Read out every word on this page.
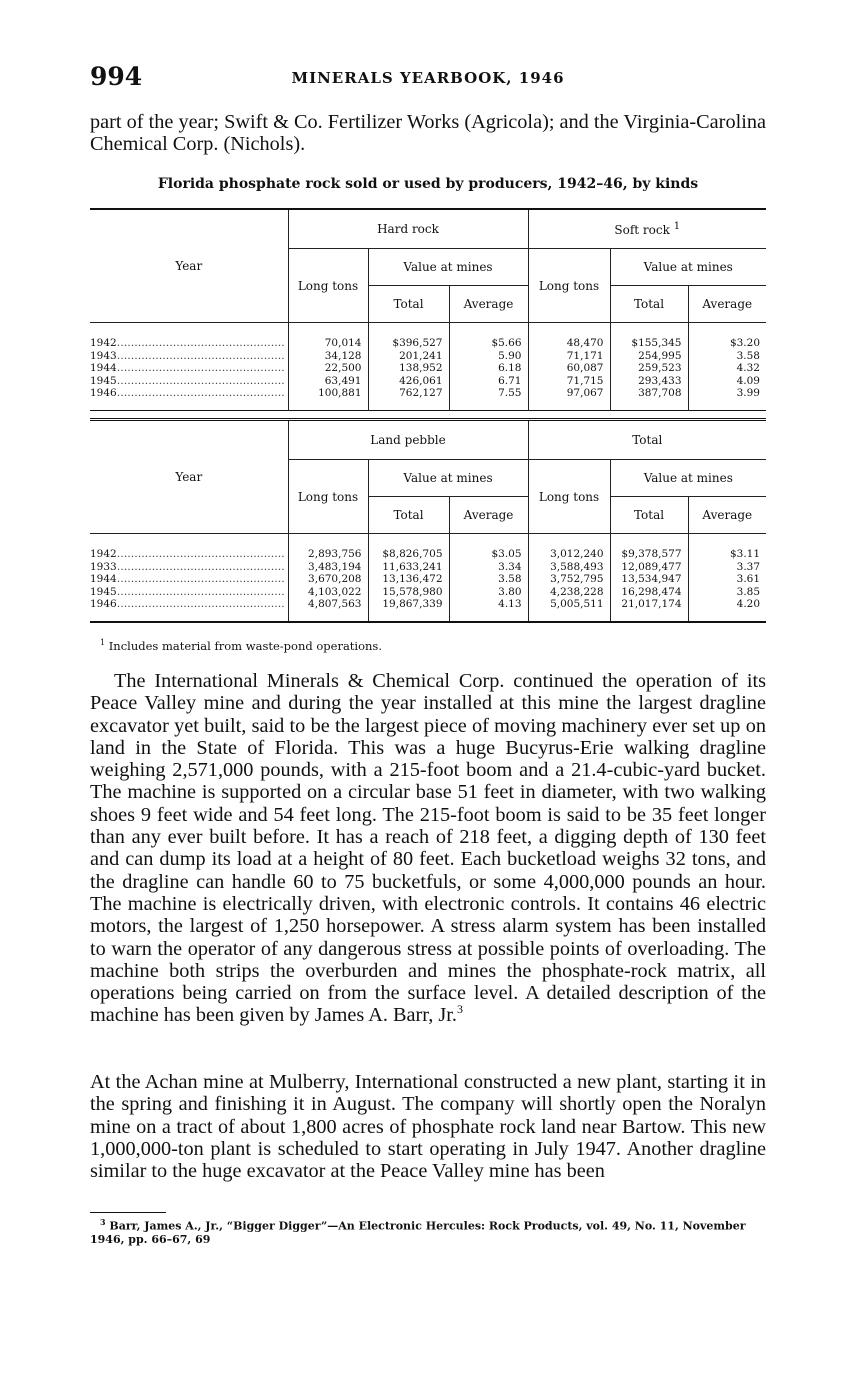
994	MINERALS YEARBOOK, 1946

part of the year; Swift & Co. Fertilizer Works (Agricola); and the Virginia-Carolina Chemical Corp. (Nichols).

Florida phosphate rock sold or used by producers, 1942–46, by kinds
Year	Hard rock			Soft rock $^1$
	Long tons	Value at mines		Long tons	Value at mines	
		Total	Average		Total	Average
1942…………………………………………	70,014	$396,527	$5.66	48,470	$155,345	$3.20
1943…………………………………………	34,128	201,241	5.90	71,171	254,995	3.58
1944…………………………………………	22,500	138,952	6.18	60,087	259,523	4.32
1945…………………………………………	63,491	426,061	6.71	71,715	293,433	4.09
1946…………………………………………	100,881	762,127	7.55	97,067	387,708	3.99
Year	Land pebble			Total		
	Long tons	Value at mines		Long tons	Value at mines	
		Total	Average		Total	Average
1942…………………………………………	2,893,756	$8,826,705	$3.05	3,012,240	$9,378,577	$3.11
1933…………………………………………	3,483,194	11,633,241	3.34	3,588,493	12,089,477	3.37
1944…………………………………………	3,670,208	13,136,472	3.58	3,752,795	13,534,947	3.61
1945…………………………………………	4,103,022	15,578,980	3.80	4,238,228	16,298,474	3.85
1946…………………………………………	4,807,563	19,867,339	4.13	5,005,511	21,017,174	4.20
$^1$ Includes material from waste-pond operations.

The International Minerals & Chemical Corp. continued the operation of its Peace Valley mine and during the year installed at this mine the largest dragline excavator yet built, said to be the largest piece of moving machinery ever set up on land in the State of Florida. This was a huge Bucyrus-Erie walking dragline weighing 2,571,000 pounds, with a 215-foot boom and a 21.4-cubic-yard bucket. The machine is supported on a circular base 51 feet in diameter, with two walking shoes 9 feet wide and 54 feet long. The 215-foot boom is said to be 35 feet longer than any ever built before. It has a reach of 218 feet, a digging depth of 130 feet and can dump its load at a height of 80 feet. Each bucketload weighs 32 tons, and the dragline can handle 60 to 75 bucketfuls, or some 4,000,000 pounds an hour. The machine is electrically driven, with electronic controls. It contains 46 electric motors, the largest of 1,250 horsepower. A stress alarm system has been installed to warn the operator of any dangerous stress at possible points of overloading. The machine both strips the overburden and mines the phosphate-rock matrix, all operations being carried on from the surface level. A detailed description of the machine has been given by James A. Barr, Jr.$^3$

At the Achan mine at Mulberry, International constructed a new plant, starting it in the spring and finishing it in August. The company will shortly open the Noralyn mine on a tract of about 1,800 acres of phosphate rock land near Bartow. This new 1,000,000-ton plant is scheduled to start operating in July 1947. Another dragline similar to the huge excavator at the Peace Valley mine has been

$^3$ Barr, James A., Jr., “Bigger Digger”—An Electronic Hercules: Rock Products, vol. 49, No. 11, November 1946, pp. 66–67, 69
